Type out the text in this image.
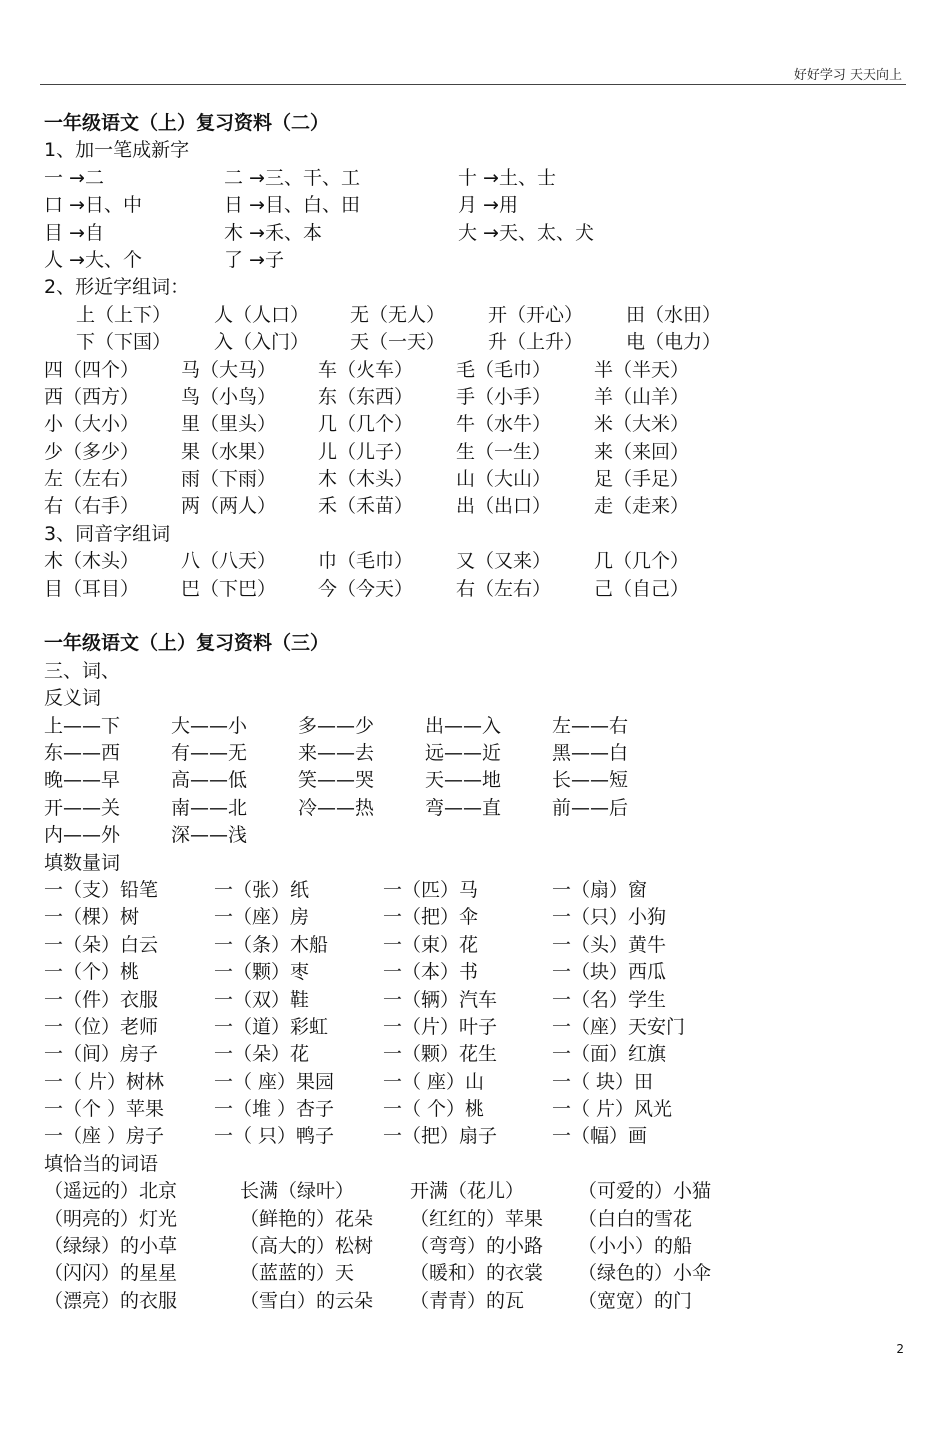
好好学习 天天向上
一年级语文（上）复习资料（二）
1、加一笔成新字
一 →二	二 →三、干、工	十 →土、士
口 →日、中	日 →目、白、田	月 →用
目 →自	木 →禾、本	大 →天、太、犬
人 →大、个	了 →子
2、形近字组词：
上（上下） 人（人口） 无（无人） 开（开心） 田（水田）
下（下国） 入（入门） 天（一天） 升（上升） 电（电力）
四（四个） 马（大马） 车（火车） 毛（毛巾） 半（半天）
西（西方） 鸟（小鸟） 东（东西） 手（小手） 羊（山羊）
小（大小） 里（里头） 几（几个） 牛（水牛） 米（大米）
少（多少） 果（水果） 儿（儿子） 生（一生） 来（来回）
左（左右） 雨（下雨） 木（木头） 山（大山） 足（手足）
右（右手） 两（两人） 禾（禾苗） 出（出口） 走（走来）
3、同音字组词
木（木头） 八（八天） 巾（毛巾） 又（又来） 几（几个）
目（耳目） 巴（下巴） 今（今天） 右（左右） 己（自己）
一年级语文（上）复习资料（三）
三、词、
反义词
上——下	大——小	多——少	出——入	左——右
东——西	有——无	来——去	远——近	黑——白
晚——早	高——低	笑——哭	天——地	长——短
开——关	南——北	冷——热	弯——直	前——后
内——外	深——浅
填数量词
一（支）铅笔	一（张）纸	一（匹）马	一（扇）窗
一（棵）树	一（座）房	一（把）伞	一（只）小狗
一（朵）白云	一（条）木船	一（束）花	一（头）黄牛
一（个）桃	一（颗）枣	一（本）书	一（块）西瓜
一（件）衣服	一（双）鞋	一（辆）汽车	一（名）学生
一（位）老师	一（道）彩虹	一（片）叶子	一（座）天安门
一（间）房子	一（朵）花	一（颗）花生	一（面）红旗
一（ 片）树林	一（ 座）果园	一（ 座）山	一（ 块）田
一（个 ）苹果	一（堆 ）杏子	一（ 个）桃	一（ 片）风光
一（座 ）房子	一（ 只）鸭子	一（把）扇子	一（幅）画
填恰当的词语
（遥远的）北京	长满（绿叶）	开满（花儿）	（可爱的）小猫
（明亮的）灯光	（鲜艳的）花朵 （红红的）苹果 （白白的雪花
（绿绿）的小草	（高大的）松树 （弯弯）的小路 （小小）的船
（闪闪）的星星	（蓝蓝的）天	（暖和）的衣裳 （绿色的）小伞
（漂亮）的衣服	（雪白）的云朵 （青青）的瓦	（宽宽）的门
2
